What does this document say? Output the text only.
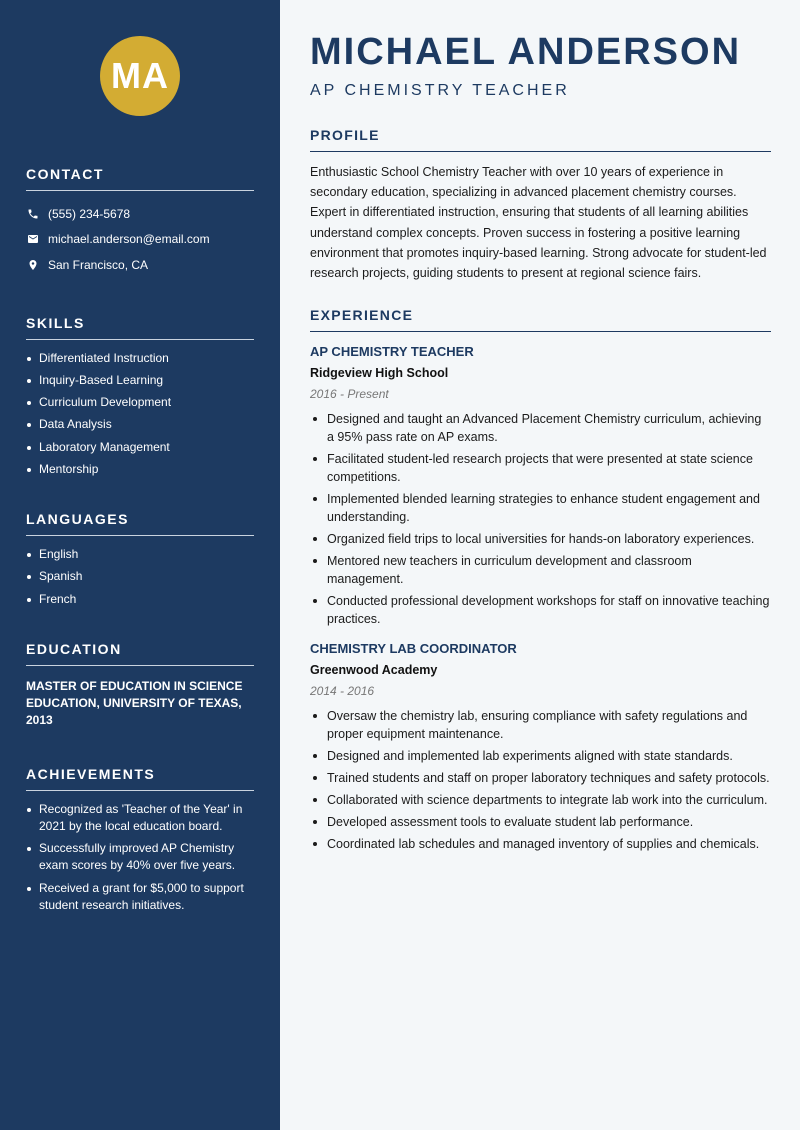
MA
CONTACT
(555) 234-5678
michael.anderson@email.com
San Francisco, CA
SKILLS
Differentiated Instruction
Inquiry-Based Learning
Curriculum Development
Data Analysis
Laboratory Management
Mentorship
LANGUAGES
English
Spanish
French
EDUCATION

MASTER OF EDUCATION IN SCIENCE EDUCATION, UNIVERSITY OF TEXAS, 2013

ACHIEVEMENTS
Recognized as 'Teacher of the Year' in 2021 by the local education board.
Successfully improved AP Chemistry exam scores by 40% over five years.
Received a grant for $5,000 to support student research initiatives.
MICHAEL ANDERSON
AP CHEMISTRY TEACHER
PROFILE

Enthusiastic School Chemistry Teacher with over 10 years of experience in secondary education, specializing in advanced placement chemistry courses. Expert in differentiated instruction, ensuring that students of all learning abilities understand complex concepts. Proven success in fostering a positive learning environment that promotes inquiry-based learning. Strong advocate for student-led research projects, guiding students to present at regional science fairs.

EXPERIENCE
AP CHEMISTRY TEACHER
Ridgeview High School
2016 - Present
Designed and taught an Advanced Placement Chemistry curriculum, achieving a 95% pass rate on AP exams.
Facilitated student-led research projects that were presented at state science competitions.
Implemented blended learning strategies to enhance student engagement and understanding.
Organized field trips to local universities for hands-on laboratory experiences.
Mentored new teachers in curriculum development and classroom management.
Conducted professional development workshops for staff on innovative teaching practices.
CHEMISTRY LAB COORDINATOR
Greenwood Academy
2014 - 2016
Oversaw the chemistry lab, ensuring compliance with safety regulations and proper equipment maintenance.
Designed and implemented lab experiments aligned with state standards.
Trained students and staff on proper laboratory techniques and safety protocols.
Collaborated with science departments to integrate lab work into the curriculum.
Developed assessment tools to evaluate student lab performance.
Coordinated lab schedules and managed inventory of supplies and chemicals.
